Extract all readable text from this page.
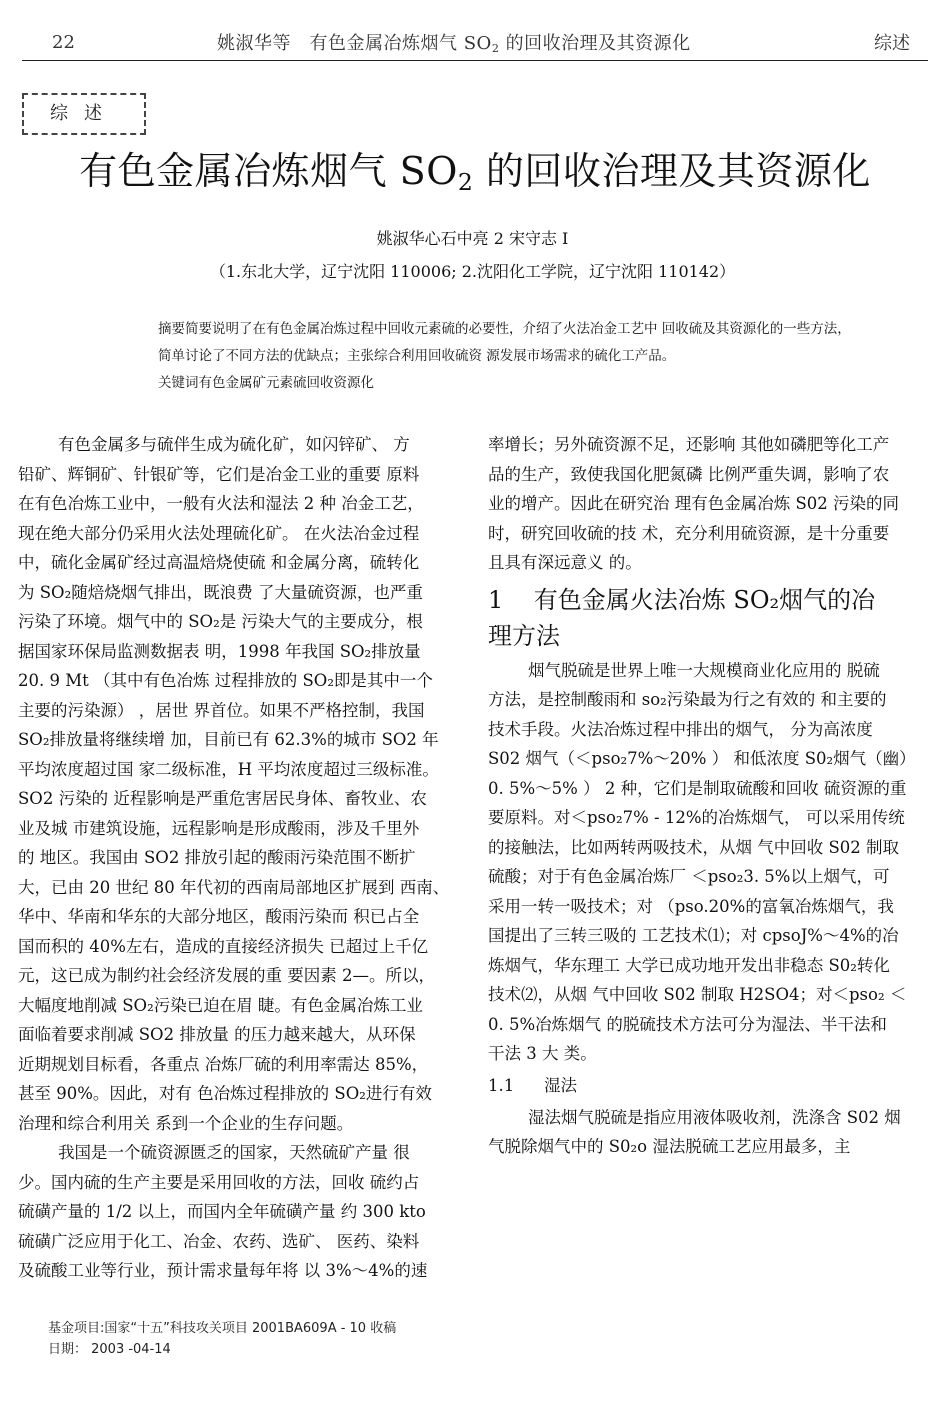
22	姚淑华等　有色金属冶炼烟气 $SO_2$ 的回收治理及其资源化	综述
综述
有色金属冶炼烟气 $SO_2$ 的回收治理及其资源化
姚淑华心石中亮 2 宋守志 I
（1.东北大学，辽宁沈阳 110006; 2.沈阳化工学院，辽宁沈阳 110142）
摘要简要说明了在有色金属冶炼过程中回收元素硫的必要性，介绍了火法冶金工艺中 回收硫及其资源化的一些方法，
简单讨论了不同方法的优缺点；主张综合利用回收硫资 源发展市场需求的硫化工产品。
关键词有色金属矿元素硫回收资源化
有色金属多与硫伴生成为硫化矿，如闪锌矿、 方
铅矿、辉铜矿、针银矿等，它们是冶金工业的重要 原料
在有色冶炼工业中，一般有火法和湿法 2 种 冶金工艺，
现在绝大部分仍采用火法处理硫化矿。 在火法冶金过程
中，硫化金属矿经过高温焙烧使硫 和金属分离，硫转化
为 SO₂随焙烧烟气排出，既浪费 了大量硫资源，也严重
污染了环境。烟气中的 SO₂是 污染大气的主要成分，根
据国家环保局监测数据表 明，1998 年我国 SO₂排放量
20. 9 Mt （其中有色冶炼 过程排放的 SO₂即是其中一个
主要的污染源） ，居世 界首位。如果不严格控制，我国
SO₂排放量将继续增 加，目前已有 62.3%的城市 SO2 年
平均浓度超过国 家二级标准，H 平均浓度超过三级标准。
SO2 污染的 近程影响是严重危害居民身体、畜牧业、农
业及城 市建筑设施，远程影响是形成酸雨，涉及千里外
的 地区。我国由 SO2 排放引起的酸雨污染范围不断扩
大，已由 20 世纪 80 年代初的西南局部地区扩展到 西南、
华中、华南和华东的大部分地区，酸雨污染而 积已占全
国而积的 40%左右，造成的直接经济损失 已超过上千亿
元，这已成为制约社会经济发展的重 要因素 2—。所以，
大幅度地削减 SO₂污染已迫在眉 睫。有色金属冶炼工业
面临着要求削减 SO2 排放量 的压力越来越大，从环保
近期规划目标看，各重点 冶炼厂硫的利用率需达 85%，
甚至 90%。因此，对有 色冶炼过程排放的 SO₂进行有效
治理和综合利用关 系到一个企业的生存问题。
我国是一个硫资源匮乏的国家，天然硫矿产量 很
少。国内硫的生产主要是采用回收的方法，回收 硫约占
硫磺产量的 1/2 以上，而国内全年硫磺产量 约 300 kto
硫磺广泛应用于化工、冶金、农药、选矿、 医药、染料
及硫酸工业等行业，预计需求量每年将 以 3%〜4%的速
率增长；另外硫资源不足，还影响 其他如磷肥等化工产
品的生产，致使我国化肥氮磷 比例严重失调，影响了农
业的增产。因此在研究治 理有色金属冶炼 S02 污染的同
时，研究回收硫的技 术，充分利用硫资源，是十分重要
且具有深远意义 的。
1 有色金属火法冶炼 SO₂烟气的冶
理方法
烟气脱硫是世界上唯一大规模商业化应用的 脱硫
方法，是控制酸雨和 so₂污染最为行之有效的 和主要的
技术手段。火法冶炼过程中排出的烟气， 分为高浓度
S02 烟气（＜pso₂7%〜20% ） 和低浓度 S0₂烟气（幽）
0. 5%〜5% ） 2 种，它们是制取硫酸和回收 硫资源的重
要原料。对＜pso₂7% - 12%的冶炼烟气， 可以采用传统
的接触法，比如两转两吸技术，从烟 气中回收 S02 制取
硫酸；对于有色金属冶炼厂 ＜pso₂3. 5%以上烟气，可
采用一转一吸技术；对 （pso.20%的富氧冶炼烟气，我
国提出了三转三吸的 工艺技术⑴；对 cpsoJ%〜4%的冶
炼烟气，华东理工 大学已成功地开发出非稳态 S0₂转化
技术⑵，从烟 气中回收 S02 制取 H2SO4；对＜pso₂ ＜
0. 5%冶炼烟气 的脱硫技术方法可分为湿法、半干法和
干法 3 大 类。
1.1 湿法
湿法烟气脱硫是指应用液体吸收剂，洗涤含 S02 烟
气脱除烟气中的 S0₂o 湿法脱硫工艺应用最多，主
基金项目:国家“十五”科技攻关项目 2001BA609A - 10 收稿
日期： 2003 -04-14
